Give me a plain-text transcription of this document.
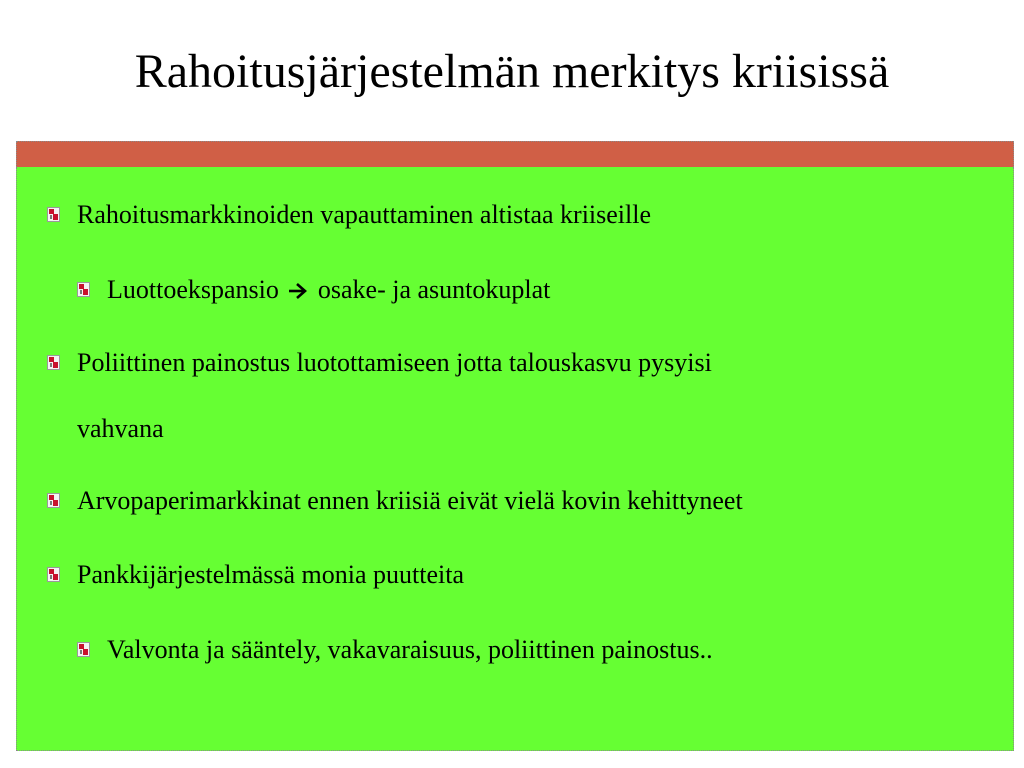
Rahoitusjärjestelmän merkitys kriisissä
Rahoitusmarkkinoiden vapauttaminen altistaa kriiseille
Luottoekspansio osake- ja asuntokuplat
Poliittinen painostus luotottamiseen jotta talouskasvu pysyisi
vahvana
Arvopaperimarkkinat ennen kriisiä eivät vielä kovin kehittyneet
Pankkijärjestelmässä monia puutteita
Valvonta ja sääntely, vakavaraisuus, poliittinen painostus..
